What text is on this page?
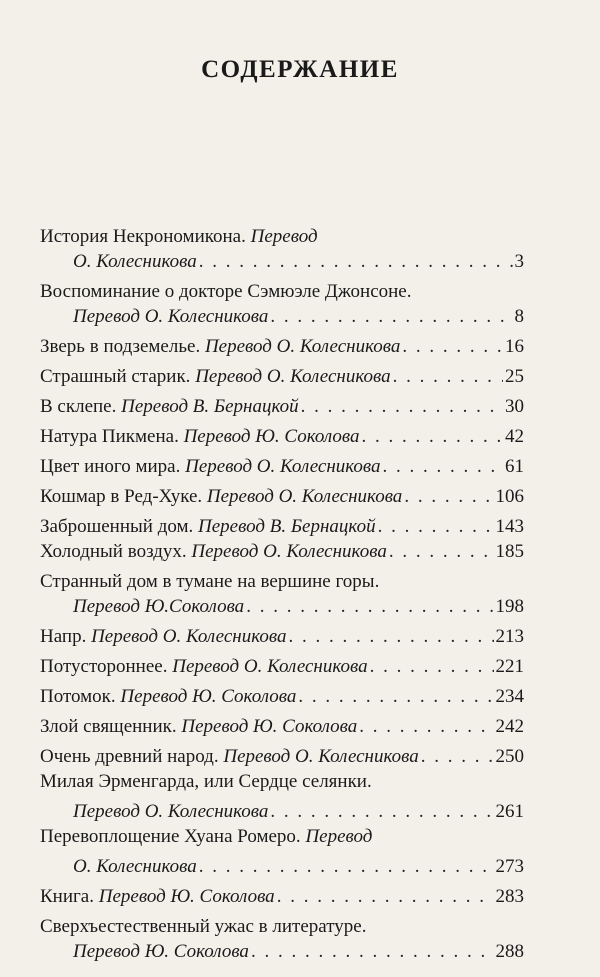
СОДЕРЖАНИЕ
История Некрономикона. Перевод
О. Колесникова . . .	3
Воспоминание о докторе Сэмюэле Джонсоне.
Перевод О. Колесникова . . .	8
Зверь в подземелье. Перевод О. Колесникова . . .	16
Страшный старик. Перевод О. Колесникова . . .	25
В склепе. Перевод В. Бернацкой . . .	30
Натура Пикмена. Перевод Ю. Соколова . . .	42
Цвет иного мира. Перевод О. Колесникова . . .	61
Кошмар в Ред-Хуке. Перевод О. Колесникова . . .	106
Заброшенный дом. Перевод В. Бернацкой . . .	143
Холодный воздух. Перевод О. Колесникова . . .	185
Странный дом в тумане на вершине горы.
Перевод Ю.Соколова . . .	198
Напр. Перевод О. Колесникова . . .	213
Потустороннее. Перевод О. Колесникова . . .	221
Потомок. Перевод Ю. Соколова . . .	234
Злой священник. Перевод Ю. Соколова . . .	242
Очень древний народ. Перевод О. Колесникова . . .	250
Милая Эрменгарда, или Сердце селянки.
Перевод О. Колесникова . . .	261
Перевоплощение Хуана Ромеро. Перевод
О. Колесникова . . .	273
Книга. Перевод Ю. Соколова . . .	283
Сверхъестественный ужас в литературе.
Перевод Ю. Соколова . . .	288
